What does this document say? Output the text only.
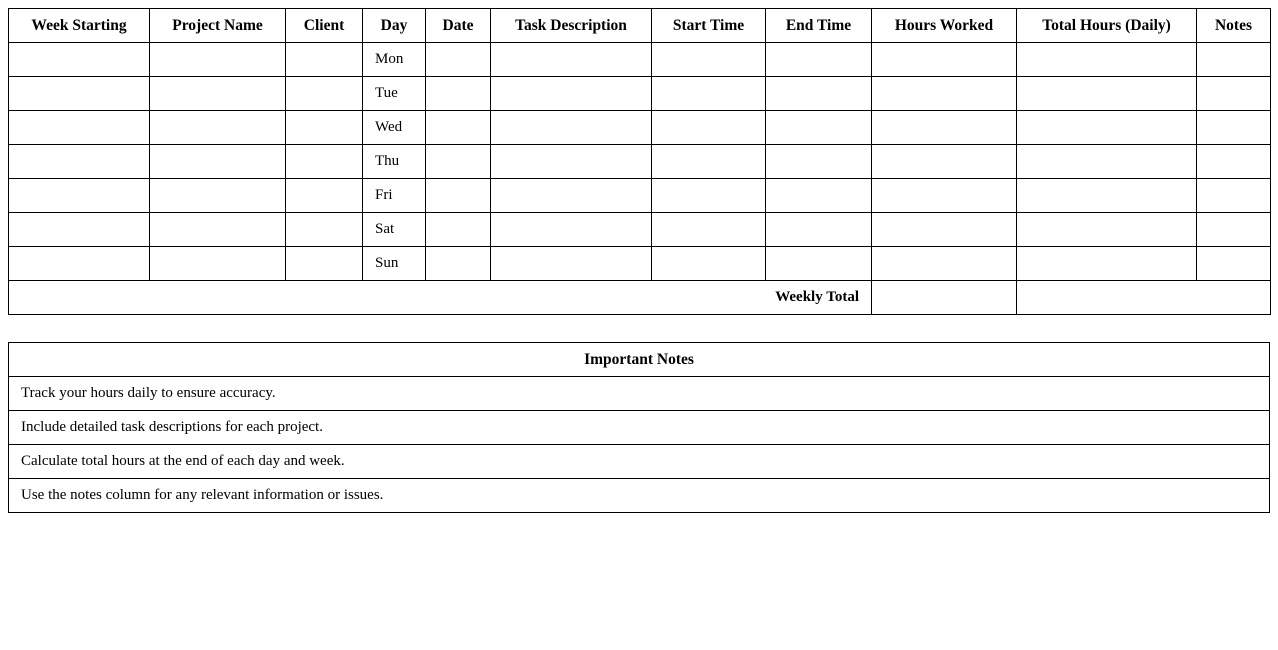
Week Starting	Project Name	Client	Day	Date	Task Description	Start Time	End Time	Hours Worked	Total Hours (Daily)	Notes
			Mon							
			Tue							
			Wed							
			Thu							
			Fri							
			Sat							
			Sun							
Weekly Total										
Important Notes
Track your hours daily to ensure accuracy.
Include detailed task descriptions for each project.
Calculate total hours at the end of each day and week.
Use the notes column for any relevant information or issues.
